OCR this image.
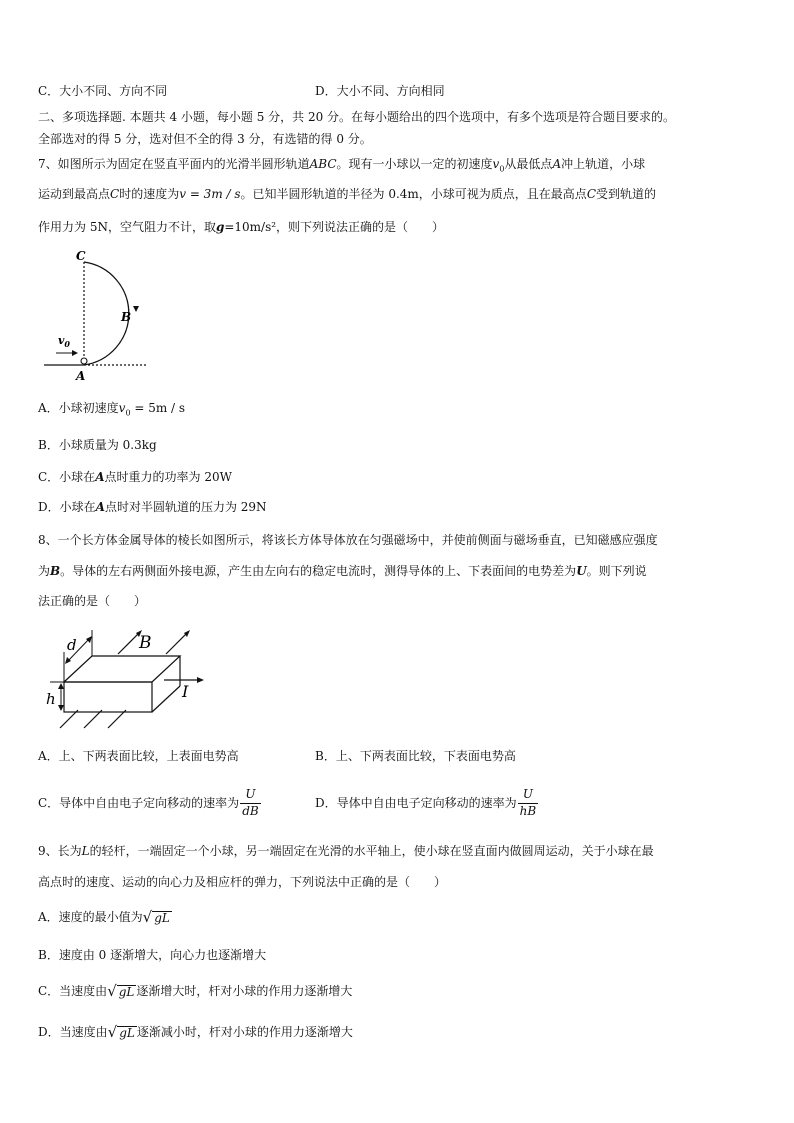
C．大小不同、方向不同	D．大小不同、方向相同
二、多项选择题. 本题共 4 小题，每小题 5 分，共 20 分。在每小题给出的四个选项中，有多个选项是符合题目要求的。
全部选对的得 5 分，选对但不全的得 3 分，有选错的得 0 分。
7、如图所示为固定在竖直平面内的光滑半圆形轨道ABC。现有一小球以一定的初速度$v_0$从最低点A冲上轨道，小球
运动到最高点C时的速度为v = 3m / s。已知半圆形轨道的半径为 0.4m，小球可视为质点，且在最高点C受到轨道的
作用力为 5N，空气阻力不计，取g=10m/s²，则下列说法正确的是（　　）
C
B
A
$v_0$
A．小球初速度$v_0 = 5m / s$
B．小球质量为 0.3kg
C．小球在A点时重力的功率为 20W
D．小球在A点时对半圆轨道的压力为 29N
8、一个长方体金属导体的棱长如图所示，将该长方体导体放在匀强磁场中，并使前侧面与磁场垂直，已知磁感应强度
为B。导体的左右两侧面外接电源，产生由左向右的稳定电流时，测得导体的上、下表面间的电势差为U。则下列说
法正确的是（　　）
d
h
B
I
A．上、下两表面比较，上表面电势高	B．上、下两表面比较，下表面电势高
C．导体中自由电子定向移动的速率为 $\frac{U}{dB}$	D．导体中自由电子定向移动的速率为 $\frac{U}{hB}$
9、长为L的轻杆，一端固定一个小球，另一端固定在光滑的水平轴上，使小球在竖直面内做圆周运动，关于小球在最
高点时的速度、运动的向心力及相应杆的弹力，下列说法中正确的是（　　）
A．速度的最小值为 √ gL
B．速度由 0 逐渐增大，向心力也逐渐增大
C．当速度由 √ gL 逐渐增大时，杆对小球的作用力逐渐增大
D．当速度由 √ gL 逐渐减小时，杆对小球的作用力逐渐增大
